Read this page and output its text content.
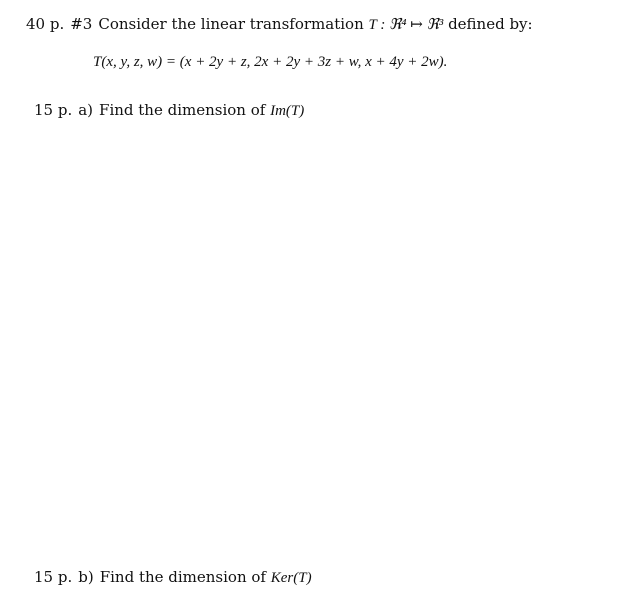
40 p. #3 Consider the linear transformation T : ℜ⁴ ↦ ℜ³ defined by:
T(x, y, z, w) = (x + 2y + z, 2x + 2y + 3z + w, x + 4y + 2w).
15 p. a) Find the dimension of Im(T)
15 p. b) Find the dimension of Ker(T)
